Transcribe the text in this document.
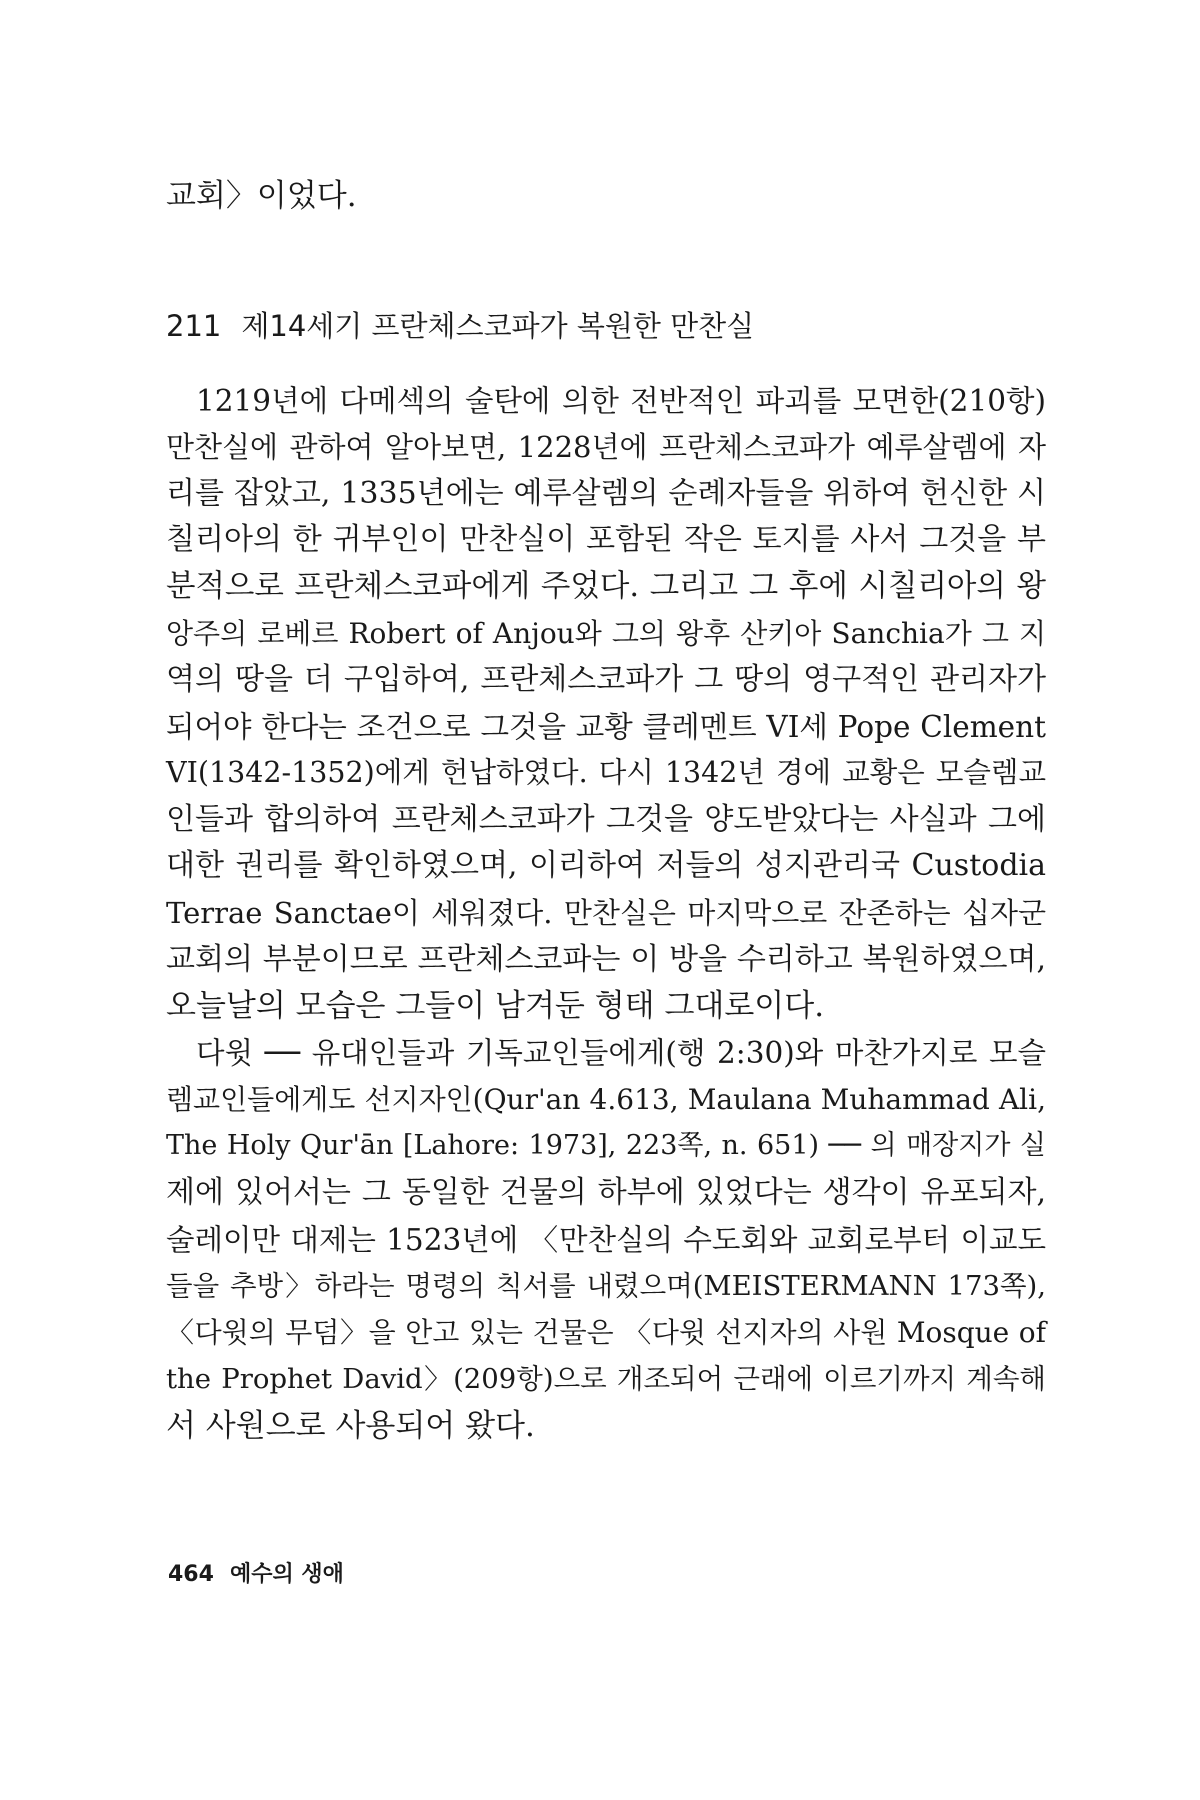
교회〉이었다.
211 제14세기 프란체스코파가 복원한 만찬실
1219년에 다메섹의 술탄에 의한 전반적인 파괴를 모면한(210항)
만찬실에 관하여 알아보면, 1228년에 프란체스코파가 예루살렘에 자
리를 잡았고, 1335년에는 예루살렘의 순례자들을 위하여 헌신한 시
칠리아의 한 귀부인이 만찬실이 포함된 작은 토지를 사서 그것을 부
분적으로 프란체스코파에게 주었다. 그리고 그 후에 시칠리아의 왕
앙주의 로베르 Robert of Anjou와 그의 왕후 산키아 Sanchia가 그 지
역의 땅을 더 구입하여, 프란체스코파가 그 땅의 영구적인 관리자가
되어야 한다는 조건으로 그것을 교황 클레멘트 VI세 Pope Clement
VI(1342-1352)에게 헌납하였다. 다시 1342년 경에 교황은 모슬렘교
인들과 합의하여 프란체스코파가 그것을 양도받았다는 사실과 그에
대한 권리를 확인하였으며, 이리하여 저들의 성지관리국 Custodia
Terrae Sanctae이 세워졌다. 만찬실은 마지막으로 잔존하는 십자군
교회의 부분이므로 프란체스코파는 이 방을 수리하고 복원하였으며,
오늘날의 모습은 그들이 남겨둔 형태 그대로이다.
다윗 ── 유대인들과 기독교인들에게(행 2:30)와 마찬가지로 모슬
렘교인들에게도 선지자인(Qur'an 4.613, Maulana Muhammad Ali,
The Holy Qur'ān [Lahore: 1973], 223쪽, n. 651) ── 의 매장지가 실
제에 있어서는 그 동일한 건물의 하부에 있었다는 생각이 유포되자,
술레이만 대제는 1523년에 〈만찬실의 수도회와 교회로부터 이교도
들을 추방〉하라는 명령의 칙서를 내렸으며(MEISTERMANN 173쪽),
〈다윗의 무덤〉을 안고 있는 건물은 〈다윗 선지자의 사원 Mosque of
the Prophet David〉(209항)으로 개조되어 근래에 이르기까지 계속해
서 사원으로 사용되어 왔다.
464 예수의 생애
